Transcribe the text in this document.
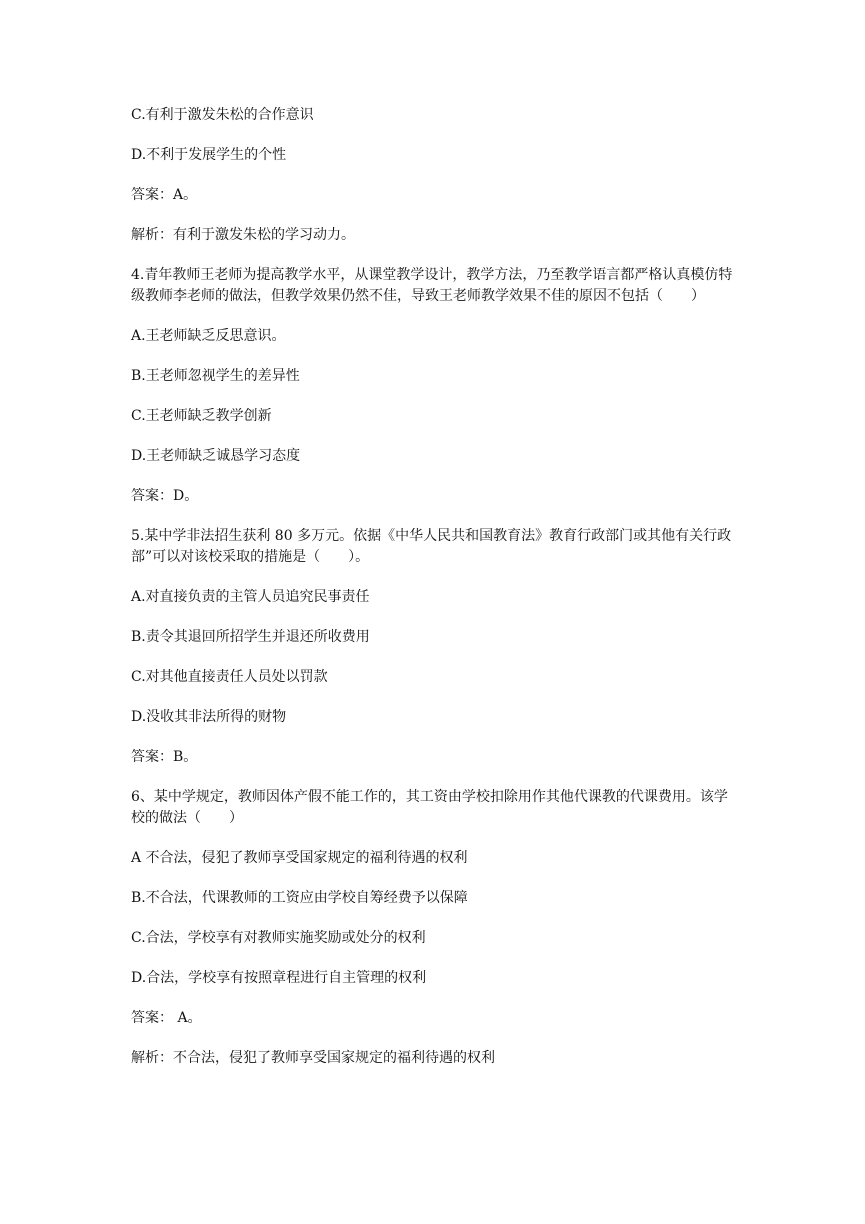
C.有利于激发朱松的合作意识

D.不利于发展学生的个性

答案：A。

解析：有利于激发朱松的学习动力。

4.青年教师王老师为提高教学水平，从课堂教学设计，教学方法，乃至教学语言都严格认真模仿特级教师李老师的做法，但教学效果仍然不佳，导致王老师教学效果不佳的原因不包括（　　）

A.王老师缺乏反思意识。

B.王老师忽视学生的差异性

C.王老师缺乏教学创新

D.王老师缺乏诚恳学习态度

答案：D。

5.某中学非法招生获利 80 多万元。依据《中华人民共和国教育法》教育行政部门或其他有关行政部”可以对该校采取的措施是（　　）。

A.对直接负责的主管人员追究民事责任

B.责令其退回所招学生并退还所收费用

C.对其他直接责任人员处以罚款

D.没收其非法所得的财物

答案：B。

6、某中学规定，教师因体产假不能工作的，其工资由学校扣除用作其他代课教的代课费用。该学校的做法（　　）

A 不合法，侵犯了教师享受国家规定的福利待遇的权利

B.不合法，代课教师的工资应由学校自筹经费予以保障

C.合法，学校享有对教师实施奖励或处分的权利

D.合法，学校享有按照章程进行自主管理的权利

答案： A。

解析：不合法，侵犯了教师享受国家规定的福利待遇的权利
